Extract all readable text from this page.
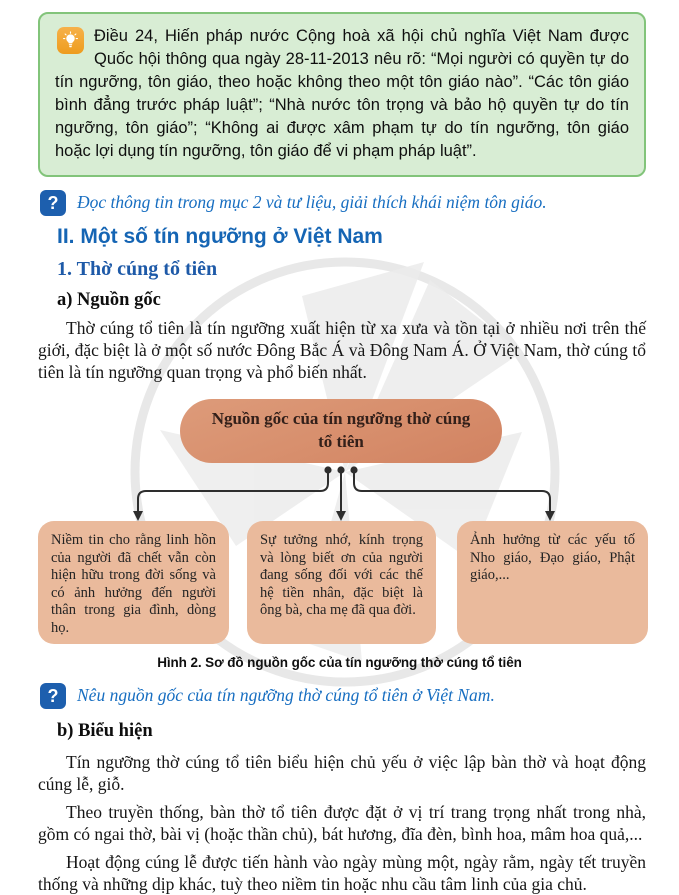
Điều 24, Hiến pháp nước Cộng hoà xã hội chủ nghĩa Việt Nam được Quốc hội thông qua ngày 28-11-2013 nêu rõ: “Mọi người có quyền tự do tín ngưỡng, tôn giáo, theo hoặc không theo một tôn giáo nào”. “Các tôn giáo bình đẳng trước pháp luật”; “Nhà nước tôn trọng và bảo hộ quyền tự do tín ngưỡng, tôn giáo”; “Không ai được xâm phạm tự do tín ngưỡng, tôn giáo hoặc lợi dụng tín ngưỡng, tôn giáo để vi phạm pháp luật”.
?	Đọc thông tin trong mục 2 và tư liệu, giải thích khái niệm tôn giáo.
II. Một số tín ngưỡng ở Việt Nam
1. Thờ cúng tổ tiên
a) Nguồn gốc
Thờ cúng tổ tiên là tín ngưỡng xuất hiện từ xa xưa và tồn tại ở nhiều nơi trên thế giới, đặc biệt là ở một số nước Đông Bắc Á và Đông Nam Á. Ở Việt Nam, thờ cúng tổ tiên là tín ngưỡng quan trọng và phổ biến nhất.
Nguồn gốc của tín ngưỡng thờ cúng tổ tiên
Niềm tin cho rằng linh hồn của người đã chết vẫn còn hiện hữu trong đời sống và có ảnh hưởng đến người thân trong gia đình, dòng họ.
Sự tưởng nhớ, kính trọng và lòng biết ơn của người đang sống đối với các thế hệ tiền nhân, đặc biệt là ông bà, cha mẹ đã qua đời.
Ảnh hưởng từ các yếu tố Nho giáo, Đạo giáo, Phật giáo,...
Hình 2. Sơ đồ nguồn gốc của tín ngưỡng thờ cúng tổ tiên
?	Nêu nguồn gốc của tín ngưỡng thờ cúng tổ tiên ở Việt Nam.
b) Biểu hiện
Tín ngưỡng thờ cúng tổ tiên biểu hiện chủ yếu ở việc lập bàn thờ và hoạt động cúng lễ, giỗ.
Theo truyền thống, bàn thờ tổ tiên được đặt ở vị trí trang trọng nhất trong nhà, gồm có ngai thờ, bài vị (hoặc thần chủ), bát hương, đĩa đèn, bình hoa, mâm hoa quả,...
Hoạt động cúng lễ được tiến hành vào ngày mùng một, ngày rằm, ngày tết truyền thống và những dịp khác, tuỳ theo niềm tin hoặc nhu cầu tâm linh của gia chủ.
